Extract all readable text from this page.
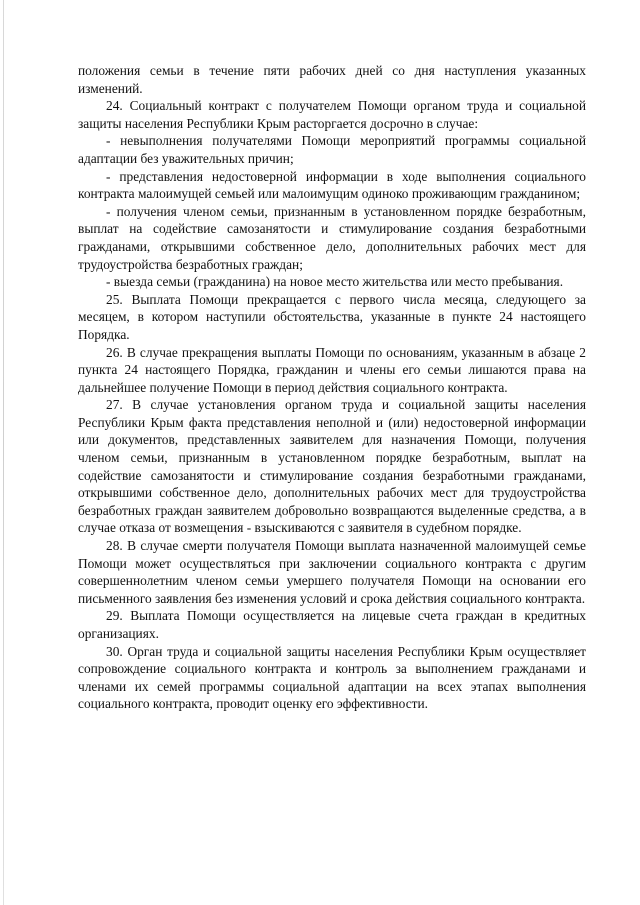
положения семьи в течение пяти рабочих дней со дня наступления указанных изменений.

24. Социальный контракт с получателем Помощи органом труда и социальной защиты населения Республики Крым расторгается досрочно в случае:

- невыполнения получателями Помощи мероприятий программы социальной адаптации без уважительных причин;

- представления недостоверной информации в ходе выполнения социального контракта малоимущей семьей или малоимущим одиноко проживающим гражданином;

- получения членом семьи, признанным в установленном порядке безработным, выплат на содействие самозанятости и стимулирование создания безработными гражданами, открывшими собственное дело, дополнительных рабочих мест для трудоустройства безработных граждан;

- выезда семьи (гражданина) на новое место жительства или место пребывания.

25. Выплата Помощи прекращается с первого числа месяца, следующего за месяцем, в котором наступили обстоятельства, указанные в пункте 24 настоящего Порядка.

26. В случае прекращения выплаты Помощи по основаниям, указанным в абзаце 2 пункта 24 настоящего Порядка, гражданин и члены его семьи лишаются права на дальнейшее получение Помощи в период действия социального контракта.

27. В случае установления органом труда и социальной защиты населения Республики Крым факта представления неполной и (или) недостоверной информации или документов, представленных заявителем для назначения Помощи, получения членом семьи, признанным в установленном порядке безработным, выплат на содействие самозанятости и стимулирование создания безработными гражданами, открывшими собственное дело, дополнительных рабочих мест для трудоустройства безработных граждан заявителем добровольно возвращаются выделенные средства, а в случае отказа от возмещения - взыскиваются с заявителя в судебном порядке.

28. В случае смерти получателя Помощи выплата назначенной малоимущей семье Помощи может осуществляться при заключении социального контракта с другим совершеннолетним членом семьи умершего получателя Помощи на основании его письменного заявления без изменения условий и срока действия социального контракта.

29. Выплата Помощи осуществляется на лицевые счета граждан в кредитных организациях.

30. Орган труда и социальной защиты населения Республики Крым осуществляет сопровождение социального контракта и контроль за выполнением гражданами и членами их семей программы социальной адаптации на всех этапах выполнения социального контракта, проводит оценку его эффективности.
